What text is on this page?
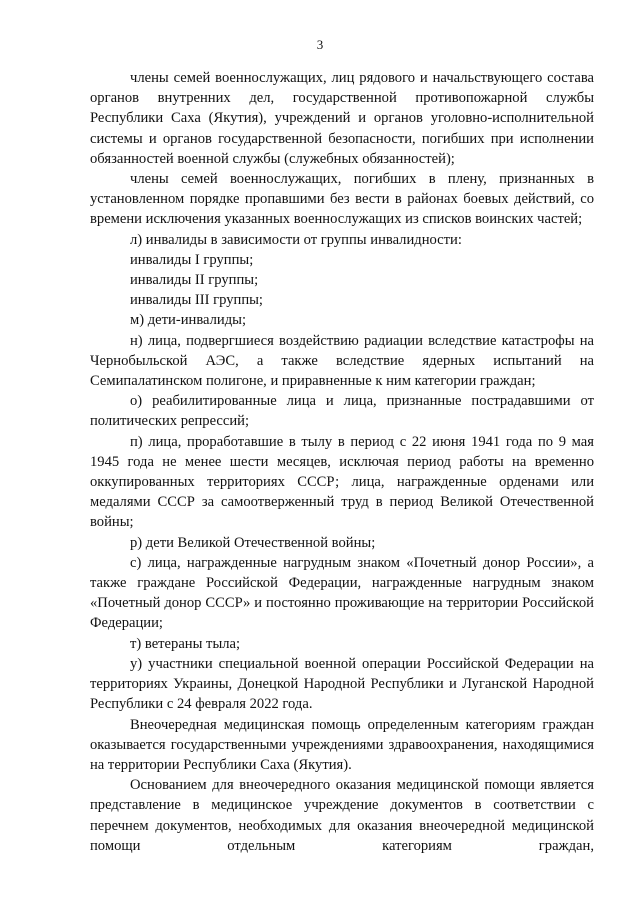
3

члены семей военнослужащих, лиц рядового и начальствующего состава органов внутренних дел, государственной противопожарной службы Республики Саха (Якутия), учреждений и органов уголовно-исполнительной системы и органов государственной безопасности, погибших при исполнении обязанностей военной службы (служебных обязанностей);

члены семей военнослужащих, погибших в плену, признанных в установленном порядке пропавшими без вести в районах боевых действий, со времени исключения указанных военнослужащих из списков воинских частей;

л) инвалиды в зависимости от группы инвалидности:

инвалиды I группы;

инвалиды II группы;

инвалиды III группы;

м) дети-инвалиды;

н) лица, подвергшиеся воздействию радиации вследствие катастрофы на Чернобыльской АЭС, а также вследствие ядерных испытаний на Семипалатинском полигоне, и приравненные к ним категории граждан;

о) реабилитированные лица и лица, признанные пострадавшими от политических репрессий;

п) лица, проработавшие в тылу в период с 22 июня 1941 года по 9 мая 1945 года не менее шести месяцев, исключая период работы на временно оккупированных территориях СССР; лица, награжденные орденами или медалями СССР за самоотверженный труд в период Великой Отечественной войны;

р) дети Великой Отечественной войны;

с) лица, награжденные нагрудным знаком «Почетный донор России», а также граждане Российской Федерации, награжденные нагрудным знаком «Почетный донор СССР» и постоянно проживающие на территории Российской Федерации;

т) ветераны тыла;

у) участники специальной военной операции Российской Федерации на территориях Украины, Донецкой Народной Республики и Луганской Народной Республики с 24 февраля 2022 года.

Внеочередная медицинская помощь определенным категориям граждан оказывается государственными учреждениями здравоохранения, находящимися на территории Республики Саха (Якутия).

Основанием для внеочередного оказания медицинской помощи является представление в медицинское учреждение документов в соответствии с перечнем документов, необходимых для оказания внеочередной медицинской помощи отдельным категориям граждан,
